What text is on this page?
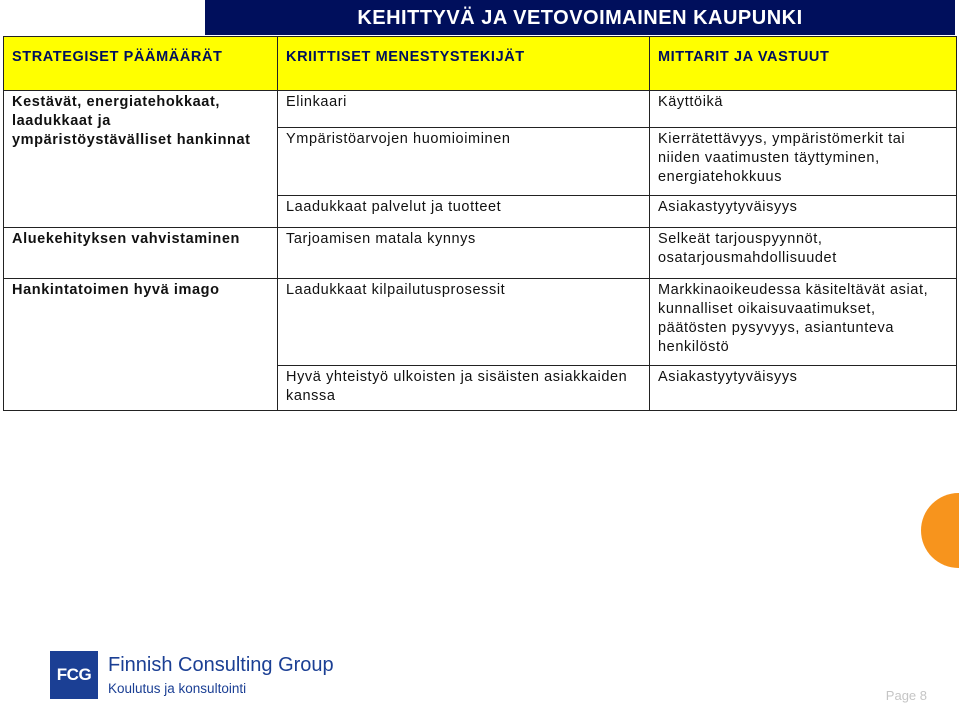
KEHITTYVÄ JA VETOVOIMAINEN KAUPUNKI
STRATEGISET PÄÄMÄÄRÄT	KRIITTISET MENESTYSTEKIJÄT	MITTARIT JA VASTUUT
Kestävät, energiatehokkaat, laadukkaat ja ympäristöystävälliset hankinnat	Elinkaari	Käyttöikä
	Ympäristöarvojen huomioiminen	Kierrätettävyys, ympäristömerkit tai niiden vaatimusten täyttyminen, energiatehokkuus
	Laadukkaat palvelut ja tuotteet	Asiakastyytyväisyys
Aluekehityksen vahvistaminen	Tarjoamisen matala kynnys	Selkeät tarjouspyynnöt, osatarjousmahdollisuudet
Hankintatoimen hyvä imago	Laadukkaat kilpailutusprosessit	Markkinaoikeudessa käsiteltävät asiat, kunnalliset oikaisuvaatimukset, päätösten pysyvyys, asiantunteva henkilöstö
	Hyvä yhteistyö ulkoisten ja sisäisten asiakkaiden kanssa	Asiakastyytyväisyys
FCG Finnish Consulting Group
Koulutus ja konsultointi	Page 8
